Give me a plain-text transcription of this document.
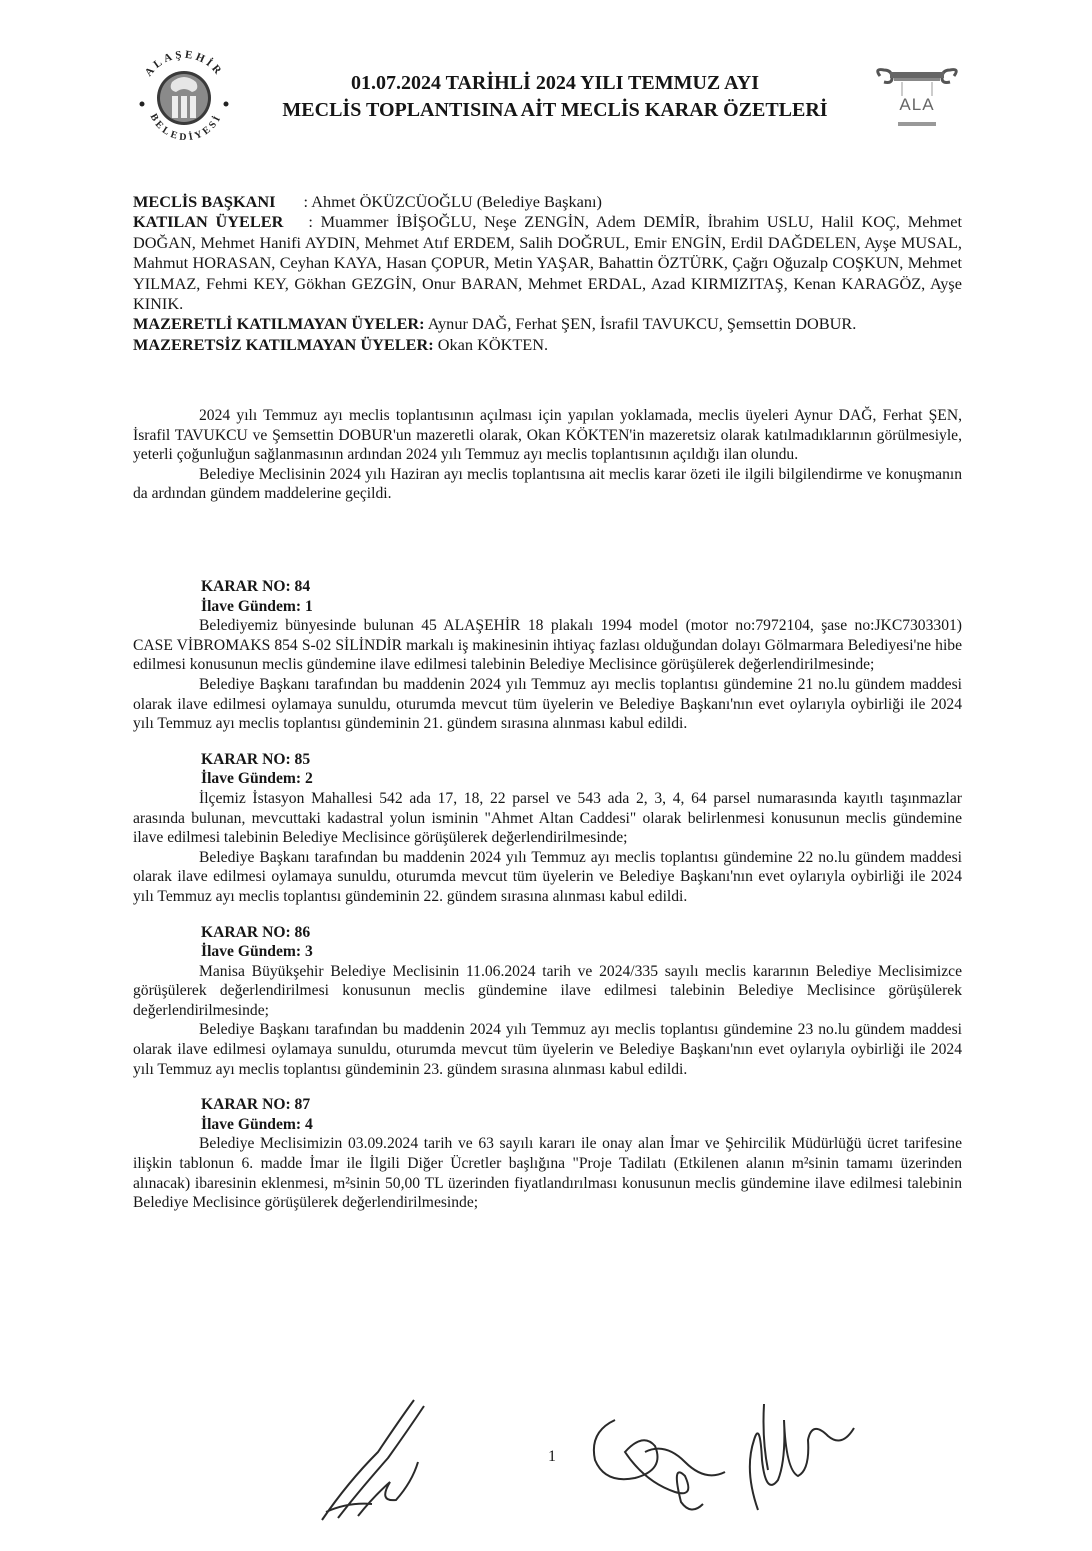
ALAŞEHİR
BELEDİYESİ
01.07.2024 TARİHLİ 2024 YILI TEMMUZ AYI
MECLİS TOPLANTISINA AİT MECLİS KARAR ÖZETLERİ	ALA

MECLİS BAŞKANI : Ahmet ÖKÜZCÜOĞLU (Belediye Başkanı)

KATILAN ÜYELER : Muammer İBİŞOĞLU, Neşe ZENGİN, Adem DEMİR, İbrahim USLU, Halil KOÇ, Mehmet DOĞAN, Mehmet Hanifi AYDIN, Mehmet Atıf ERDEM, Salih DOĞRUL, Emir ENGİN, Erdil DAĞDELEN, Ayşe MUSAL, Mahmut HORASAN, Ceyhan KAYA, Hasan ÇOPUR, Metin YAŞAR, Bahattin ÖZTÜRK, Çağrı Oğuzalp COŞKUN, Mehmet YILMAZ, Fehmi KEY, Gökhan GEZGİN, Onur BARAN, Mehmet ERDAL, Azad KIRMIZITAŞ, Kenan KARAGÖZ, Ayşe KINIK.

MAZERETLİ KATILMAYAN ÜYELER: Aynur DAĞ, Ferhat ŞEN, İsrafil TAVUKCU, Şemsettin DOBUR.

MAZERETSİZ KATILMAYAN ÜYELER: Okan KÖKTEN.

2024 yılı Temmuz ayı meclis toplantısının açılması için yapılan yoklamada, meclis üyeleri Aynur DAĞ, Ferhat ŞEN, İsrafil TAVUKCU ve Şemsettin DOBUR'un mazeretli olarak, Okan KÖKTEN'in mazeretsiz olarak katılmadıklarının görülmesiyle, yeterli çoğunluğun sağlanmasının ardından 2024 yılı Temmuz ayı meclis toplantısının açıldığı ilan olundu.

Belediye Meclisinin 2024 yılı Haziran ayı meclis toplantısına ait meclis karar özeti ile ilgili bilgilendirme ve konuşmanın da ardından gündem maddelerine geçildi.

KARAR NO: 84
İlave Gündem: 1

Belediyemiz bünyesinde bulunan 45 ALAŞEHİR 18 plakalı 1994 model (motor no:7972104, şase no:JKC7303301) CASE VİBROMAKS 854 S-02 SİLİNDİR markalı iş makinesinin ihtiyaç fazlası olduğundan dolayı Gölmarmara Belediyesi'ne hibe edilmesi konusunun meclis gündemine ilave edilmesi talebinin Belediye Meclisince görüşülerek değerlendirilmesinde;

Belediye Başkanı tarafından bu maddenin 2024 yılı Temmuz ayı meclis toplantısı gündemine 21 no.lu gündem maddesi olarak ilave edilmesi oylamaya sunuldu, oturumda mevcut tüm üyelerin ve Belediye Başkanı'nın evet oylarıyla oybirliği ile 2024 yılı Temmuz ayı meclis toplantısı gündeminin 21. gündem sırasına alınması kabul edildi.

KARAR NO: 85
İlave Gündem: 2

İlçemiz İstasyon Mahallesi 542 ada 17, 18, 22 parsel ve 543 ada 2, 3, 4, 64 parsel numarasında kayıtlı taşınmazlar arasında bulunan, mevcuttaki kadastral yolun isminin "Ahmet Altan Caddesi" olarak belirlenmesi konusunun meclis gündemine ilave edilmesi talebinin Belediye Meclisince görüşülerek değerlendirilmesinde;

Belediye Başkanı tarafından bu maddenin 2024 yılı Temmuz ayı meclis toplantısı gündemine 22 no.lu gündem maddesi olarak ilave edilmesi oylamaya sunuldu, oturumda mevcut tüm üyelerin ve Belediye Başkanı'nın evet oylarıyla oybirliği ile 2024 yılı Temmuz ayı meclis toplantısı gündeminin 22. gündem sırasına alınması kabul edildi.

KARAR NO: 86
İlave Gündem: 3

Manisa Büyükşehir Belediye Meclisinin 11.06.2024 tarih ve 2024/335 sayılı meclis kararının Belediye Meclisimizce görüşülerek değerlendirilmesi konusunun meclis gündemine ilave edilmesi talebinin Belediye Meclisince görüşülerek değerlendirilmesinde;

Belediye Başkanı tarafından bu maddenin 2024 yılı Temmuz ayı meclis toplantısı gündemine 23 no.lu gündem maddesi olarak ilave edilmesi oylamaya sunuldu, oturumda mevcut tüm üyelerin ve Belediye Başkanı'nın evet oylarıyla oybirliği ile 2024 yılı Temmuz ayı meclis toplantısı gündeminin 23. gündem sırasına alınması kabul edildi.

KARAR NO: 87
İlave Gündem: 4

Belediye Meclisimizin 03.09.2024 tarih ve 63 sayılı kararı ile onay alan İmar ve Şehircilik Müdürlüğü ücret tarifesine ilişkin tablonun 6. madde İmar ile İlgili Diğer Ücretler başlığına "Proje Tadilatı (Etkilenen alanın m²sinin tamamı üzerinden alınacak) ibaresinin eklenmesi, m²sinin 50,00 TL üzerinden fiyatlandırılması konusunun meclis gündemine ilave edilmesi talebinin Belediye Meclisince görüşülerek değerlendirilmesinde;

1
